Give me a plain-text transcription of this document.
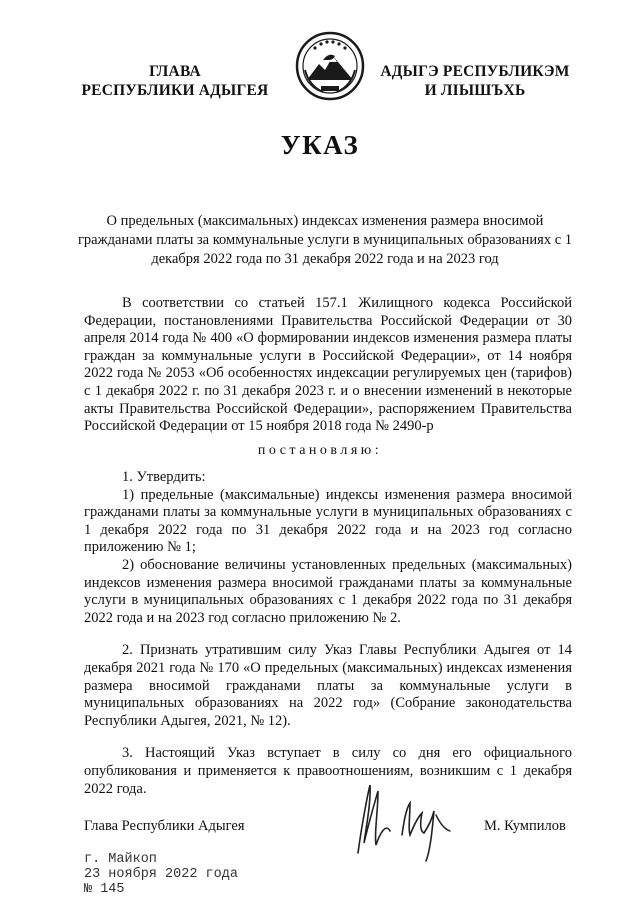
ГЛАВА
РЕСПУБЛИКИ АДЫГЕЯ
АДЫГЭ РЕСПУБЛИКЭМ
И ЛІЫШЪХЬ
УКАЗ
О предельных (максимальных) индексах изменения размера вносимой гражданами платы за коммунальные услуги в муниципальных образованиях с 1 декабря 2022 года по 31 декабря 2022 года и на 2023 год

В соответствии со статьей 157.1 Жилищного кодекса Российской Федерации, постановлениями Правительства Российской Федерации от 30 апреля 2014 года № 400 «О формировании индексов изменения размера платы граждан за коммунальные услуги в Российской Федерации», от 14 ноября 2022 года № 2053 «Об особенностях индексации регулируемых цен (тарифов) с 1 декабря 2022 г. по 31 декабря 2023 г. и о внесении изменений в некоторые акты Правительства Российской Федерации», распоряжением Правительства Российской Федерации от 15 ноября 2018 года № 2490-р

постановляю:

1. Утвердить:

1) предельные (максимальные) индексы изменения размера вносимой гражданами платы за коммунальные услуги в муниципальных образованиях с 1 декабря 2022 года по 31 декабря 2022 года и на 2023 год согласно приложению № 1;

2) обоснование величины установленных предельных (максимальных) индексов изменения размера вносимой гражданами платы за коммунальные услуги в муниципальных образованиях с 1 декабря 2022 года по 31 декабря 2022 года и на 2023 год согласно приложению № 2.

2. Признать утратившим силу Указ Главы Республики Адыгея от 14 декабря 2021 года № 170 «О предельных (максимальных) индексах изменения размера вносимой гражданами платы за коммунальные услуги в муниципальных образованиях на 2022 год» (Собрание законодательства Республики Адыгея, 2021, № 12).

3. Настоящий Указ вступает в силу со дня его официального опубликования и применяется к правоотношениям, возникшим с 1 декабря 2022 года.

Глава Республики Адыгея	М. Кумпилов
г. Майкоп
23 ноября 2022 года
№ 145
